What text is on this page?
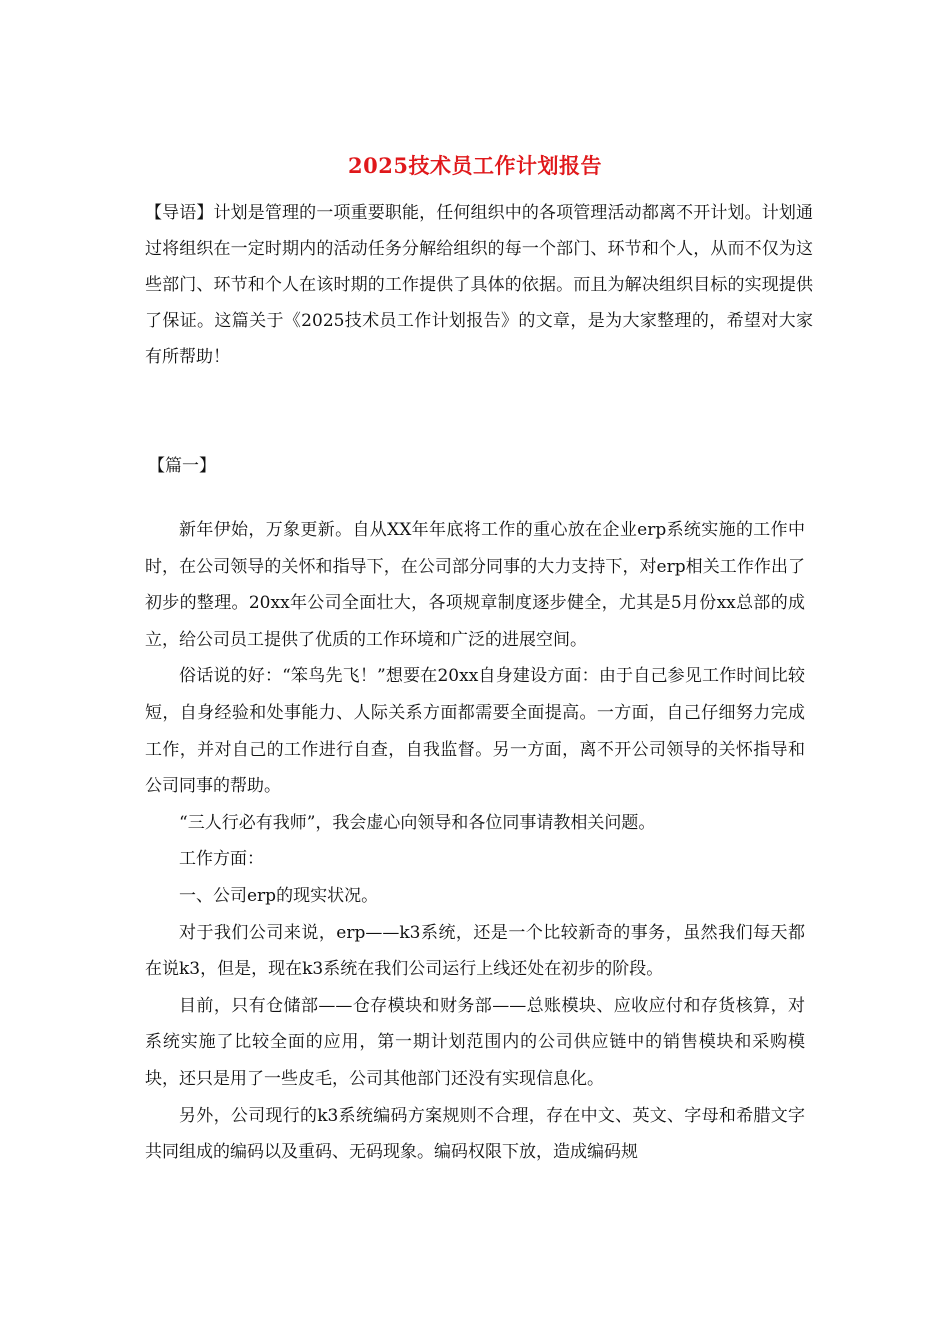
2025技术员工作计划报告

【导语】计划是管理的一项重要职能，任何组织中的各项管理活动都离不开计划。计划通过将组织在一定时期内的活动任务分解给组织的每一个部门、环节和个人，从而不仅为这些部门、环节和个人在该时期的工作提供了具体的依据。而且为解决组织目标的实现提供了保证。这篇关于《2025技术员工作计划报告》的文章，是为大家整理的，希望对大家有所帮助！

【篇一】

新年伊始，万象更新。自从XX年年底将工作的重心放在企业erp系统实施的工作中时，在公司领导的关怀和指导下，在公司部分同事的大力支持下，对erp相关工作作出了初步的整理。20xx年公司全面壮大，各项规章制度逐步健全，尤其是5月份xx总部的成立，给公司员工提供了优质的工作环境和广泛的进展空间。

俗话说的好：“笨鸟先飞！”想要在20xx自身建设方面：由于自己参见工作时间比较短，自身经验和处事能力、人际关系方面都需要全面提高。一方面，自己仔细努力完成工作，并对自己的工作进行自查，自我监督。另一方面，离不开公司领导的关怀指导和公司同事的帮助。

“三人行必有我师”，我会虚心向领导和各位同事请教相关问题。

工作方面：

一、公司erp的现实状况。

对于我们公司来说，erp——k3系统，还是一个比较新奇的事务，虽然我们每天都在说k3，但是，现在k3系统在我们公司运行上线还处在初步的阶段。

目前，只有仓储部——仓存模块和财务部——总账模块、应收应付和存货核算，对系统实施了比较全面的应用，第一期计划范围内的公司供应链中的销售模块和采购模块，还只是用了一些皮毛，公司其他部门还没有实现信息化。

另外，公司现行的k3系统编码方案规则不合理，存在中文、英文、字母和希腊文字共同组成的编码以及重码、无码现象。编码权限下放，造成编码规
